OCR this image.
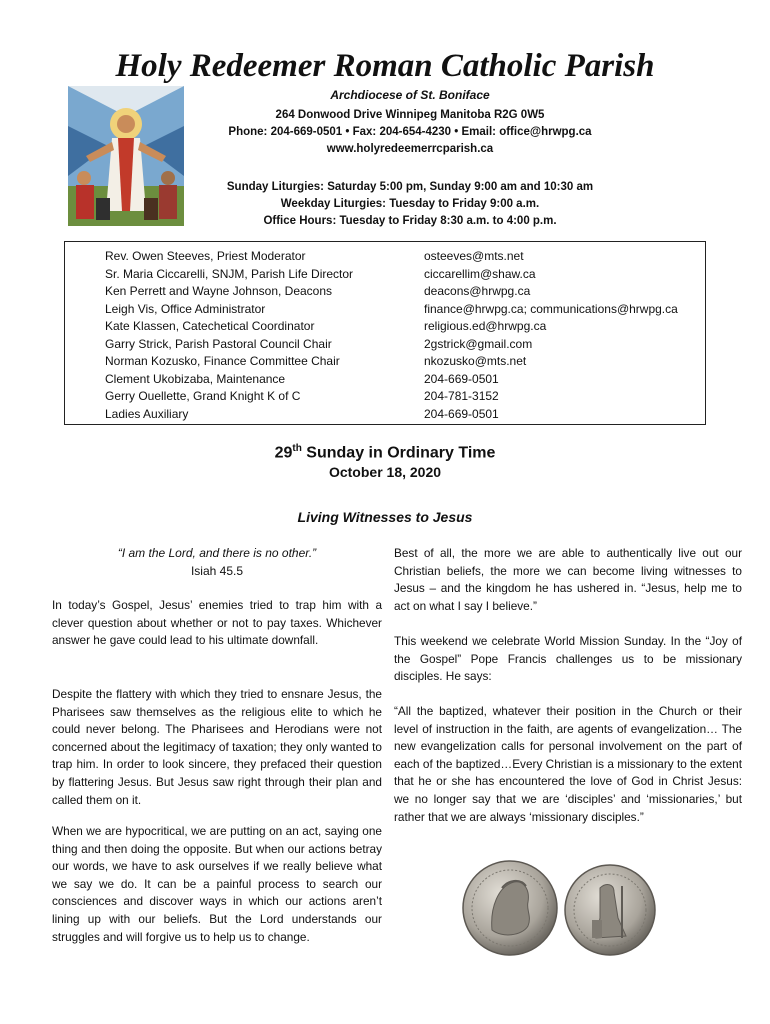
Holy Redeemer Roman Catholic Parish
Archdiocese of St. Boniface
264 Donwood Drive Winnipeg Manitoba R2G 0W5
Phone: 204-669-0501 • Fax: 204-654-4230 • Email: office@hrwpg.ca
www.holyredeemerrcparish.ca
Sunday Liturgies: Saturday 5:00 pm, Sunday 9:00 am and 10:30 am
Weekday Liturgies: Tuesday to Friday 9:00 a.m.
Office Hours: Tuesday to Friday 8:30 a.m. to 4:00 p.m.
Rev. Owen Steeves, Priest Moderator	osteeves@mts.net
Sr. Maria Ciccarelli, SNJM, Parish Life Director	ciccarellim@shaw.ca
Ken Perrett and Wayne Johnson, Deacons	deacons@hrwpg.ca
Leigh Vis, Office Administrator	finance@hrwpg.ca; communications@hrwpg.ca
Kate Klassen, Catechetical Coordinator	religious.ed@hrwpg.ca
Garry Strick, Parish Pastoral Council Chair	2gstrick@gmail.com
Norman Kozusko, Finance Committee Chair	nkozusko@mts.net
Clement Ukobizaba, Maintenance	204-669-0501
Gerry Ouellette, Grand Knight K of C	204-781-3152
Ladies Auxiliary	204-669-0501
29th Sunday in Ordinary Time
October 18, 2020
Living Witnesses to Jesus
“I am the Lord, and there is no other.”
Isiah 45.5
In today’s Gospel, Jesus’ enemies tried to trap him with a clever question about whether or not to pay taxes. Whichever answer he gave could lead to his ultimate downfall.
Despite the flattery with which they tried to ensnare Jesus, the Pharisees saw themselves as the religious elite to which he could never belong. The Pharisees and Herodians were not concerned about the legitimacy of taxation; they only wanted to trap him. In order to look sincere, they prefaced their question by flattering Jesus. But Jesus saw right through their plan and called them on it.
When we are hypocritical, we are putting on an act, saying one thing and then doing the opposite. But when our actions betray our words, we have to ask ourselves if we really believe what we say we do. It can be a painful process to search our consciences and discover ways in which our actions aren’t lining up with our beliefs. But the Lord understands our struggles and will forgive us to help us to change.
Best of all, the more we are able to authentically live out our Christian beliefs, the more we can become living witnesses to Jesus – and the kingdom he has ushered in. “Jesus, help me to act on what I say I believe.”
This weekend we celebrate World Mission Sunday. In the “Joy of the Gospel” Pope Francis challenges us to be missionary disciples. He says:
“All the baptized, whatever their position in the Church or their level of instruction in the faith, are agents of evangelization… The new evangelization calls for personal involvement on the part of each of the baptized…Every Christian is a missionary to the extent that he or she has encountered the love of God in Christ Jesus: we no longer say that we are ‘disciples’ and ‘missionaries,’ but rather that we are always ‘missionary disciples.”
